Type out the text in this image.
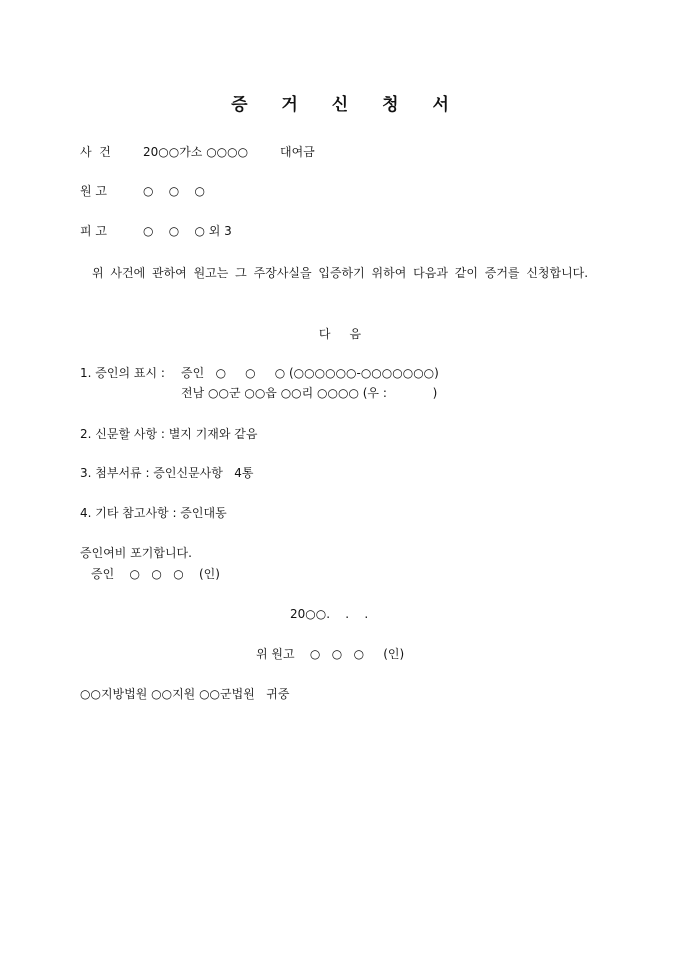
증 거 신 청 서
사  건	20○○가소 ○○○○	대여금
원 고	○    ○    ○
피 고	○    ○    ○ 외 3
위 사건에 관하여 원고는 그 주장사실을 입증하기 위하여 다음과 같이 증거를 신청합니다.
다     음
1. 증인의 표시 : 증인   ○     ○     ○ (○○○○○○-○○○○○○○)
전남 ○○군 ○○읍 ○○리 ○○○○ (우 :            )
2. 신문할 사항 : 별지 기재와 같음
3. 첨부서류 : 증인신문사항   4통
4. 기타 참고사항 : 증인대동
증인여비 포기합니다.
증인    ○   ○   ○    (인)
20○○.    .    .
위 원고    ○   ○   ○     (인)
○○지방법원 ○○지원 ○○군법원   귀중
